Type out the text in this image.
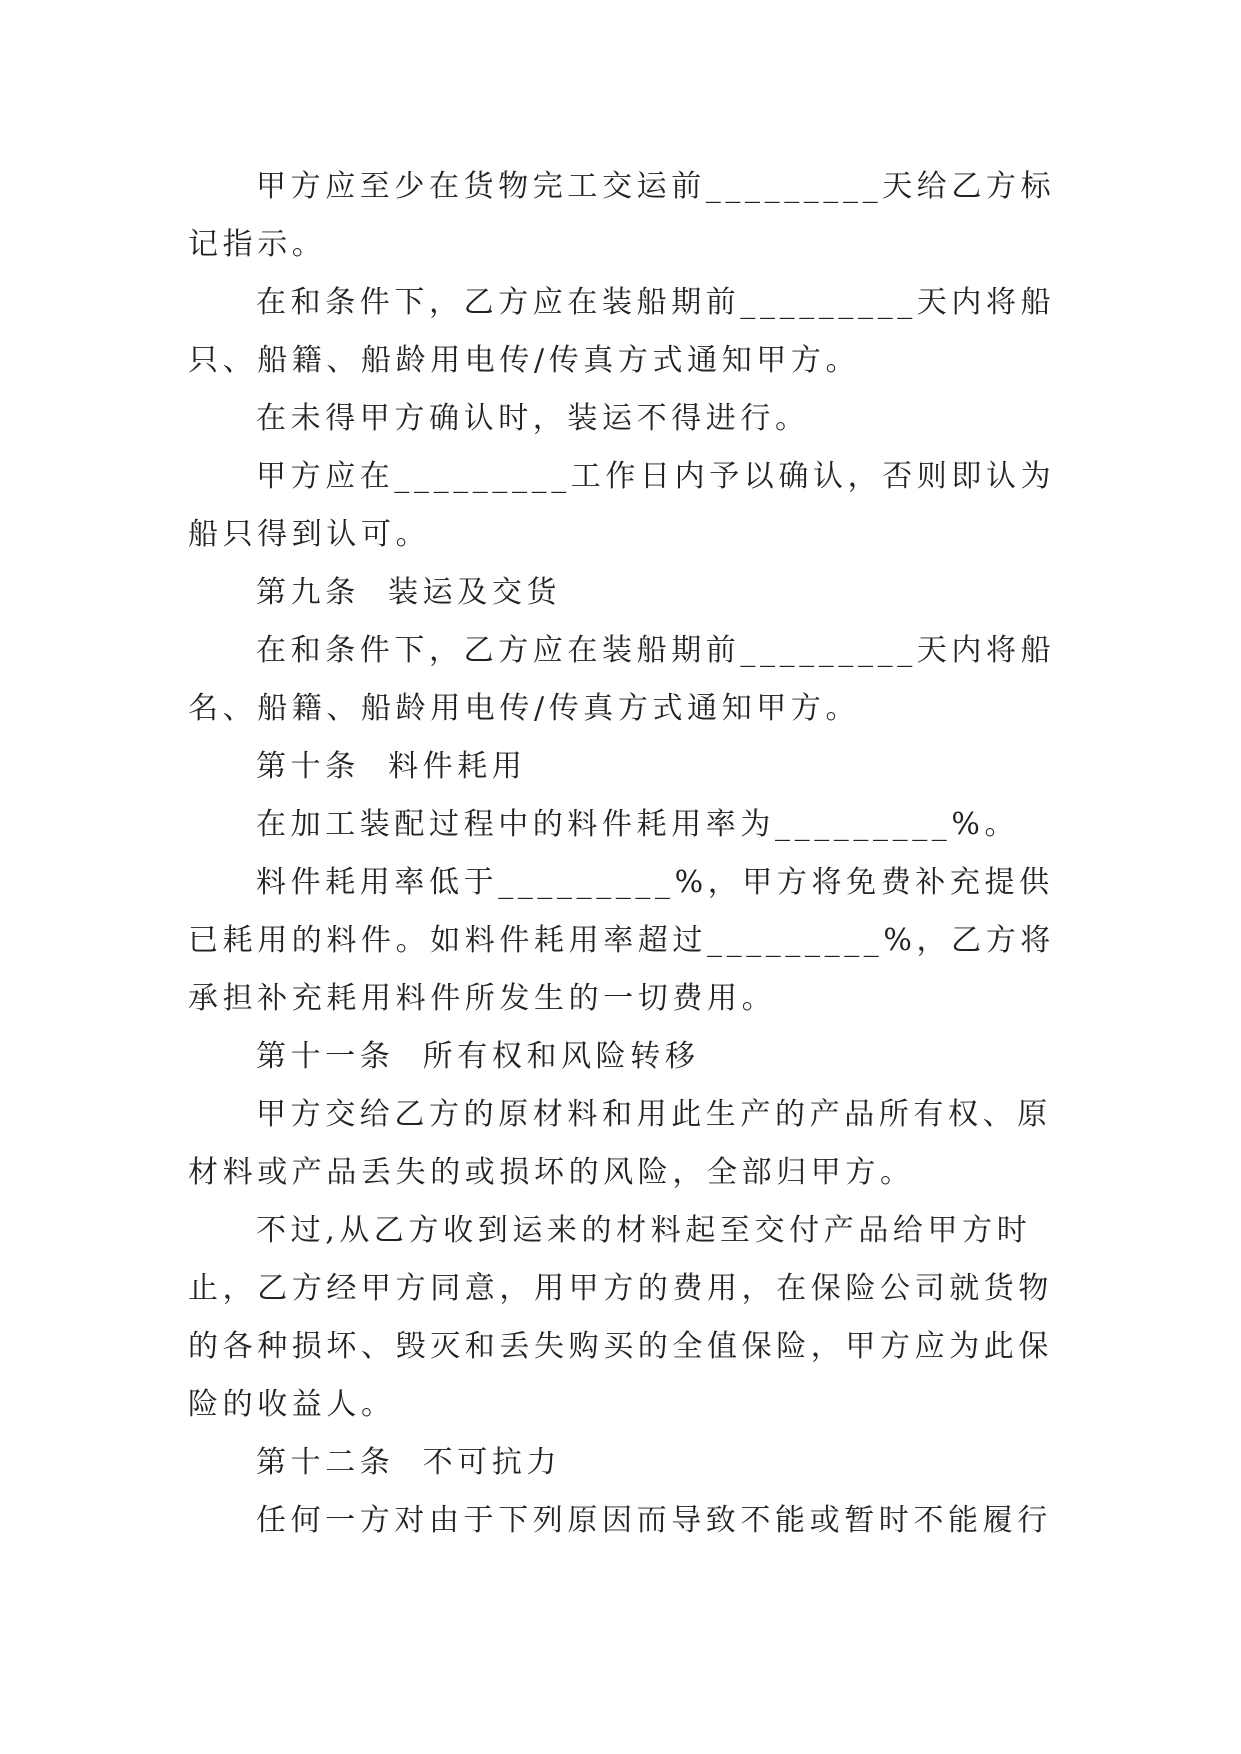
甲方应至少在货物完工交运前_________天给乙方标记指示。

在和条件下，乙方应在装船期前_________天内将船只、船籍、船龄用电传/传真方式通知甲方。

在未得甲方确认时，装运不得进行。

甲方应在_________工作日内予以确认，否则即认为船只得到认可。

第九条  装运及交货

在和条件下，乙方应在装船期前_________天内将船名、船籍、船龄用电传/传真方式通知甲方。

第十条  料件耗用

在加工装配过程中的料件耗用率为_________%。

料件耗用率低于_________%，甲方将免费补充提供已耗用的料件。如料件耗用率超过_________%，乙方将承担补充耗用料件所发生的一切费用。

第十一条  所有权和风险转移

甲方交给乙方的原材料和用此生产的产品所有权、原材料或产品丢失的或损坏的风险，全部归甲方。

不过,从乙方收到运来的材料起至交付产品给甲方时止，乙方经甲方同意，用甲方的费用，在保险公司就货物的各种损坏、毁灭和丢失购买的全值保险，甲方应为此保险的收益人。

第十二条  不可抗力

任何一方对由于下列原因而导致不能或暂时不能履行
